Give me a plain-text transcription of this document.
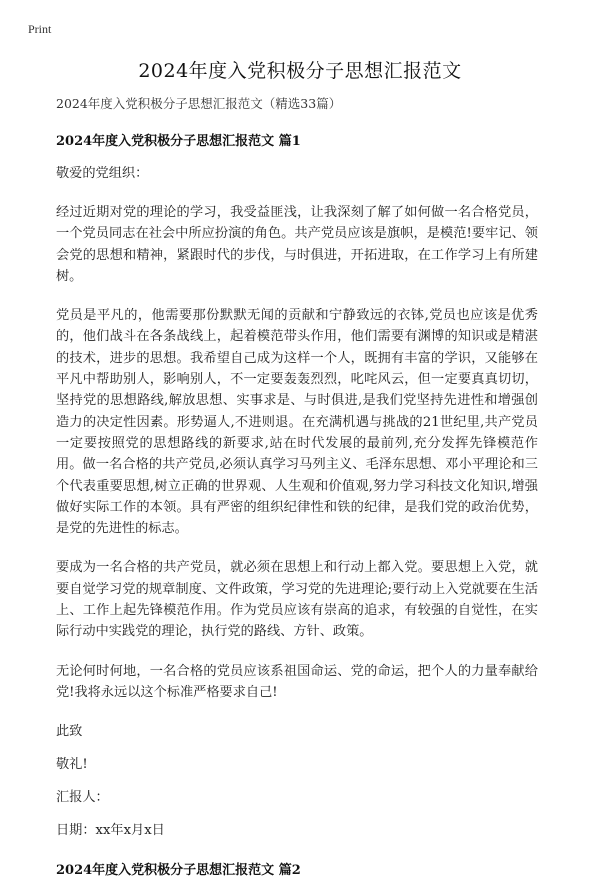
Print
2024年度入党积极分子思想汇报范文
2024年度入党积极分子思想汇报范文（精选33篇）
2024年度入党积极分子思想汇报范文 篇1
敬爱的党组织：

经过近期对党的理论的学习，我受益匪浅，让我深刻了解了如何做一名合格党员，一个党员同志在社会中所应扮演的角色。共产党员应该是旗帜，是模范!要牢记、领会党的思想和精神，紧跟时代的步伐，与时俱进，开拓进取，在工作学习上有所建树。

党员是平凡的，他需要那份默默无闻的贡献和宁静致远的衣钵,党员也应该是优秀的，他们战斗在各条战线上，起着模范带头作用，他们需要有渊博的知识或是精湛的技术，进步的思想。我希望自己成为这样一个人，既拥有丰富的学识，又能够在平凡中帮助别人，影响别人，不一定要轰轰烈烈，叱咤风云，但一定要真真切切，坚持党的思想路线,解放思想、实事求是、与时俱进,是我们党坚持先进性和增强创造力的决定性因素。形势逼人,不进则退。在充满机遇与挑战的21世纪里,共产党员一定要按照党的思想路线的新要求,站在时代发展的最前列,充分发挥先锋模范作用。做一名合格的共产党员,必须认真学习马列主义、毛泽东思想、邓小平理论和三个代表重要思想,树立正确的世界观、人生观和价值观,努力学习科技文化知识,增强做好实际工作的本领。具有严密的组织纪律性和铁的纪律，是我们党的政治优势，是党的先进性的标志。

要成为一名合格的共产党员，就必须在思想上和行动上都入党。要思想上入党，就要自觉学习党的规章制度、文件政策，学习党的先进理论;要行动上入党就要在生活上、工作上起先锋模范作用。作为党员应该有崇高的追求，有较强的自觉性，在实际行动中实践党的理论，执行党的路线、方针、政策。

无论何时何地，一名合格的党员应该系祖国命运、党的命运，把个人的力量奉献给党!我将永远以这个标准严格要求自己!

此致
敬礼!
汇报人：
日期：xx年x月x日
2024年度入党积极分子思想汇报范文 篇2
